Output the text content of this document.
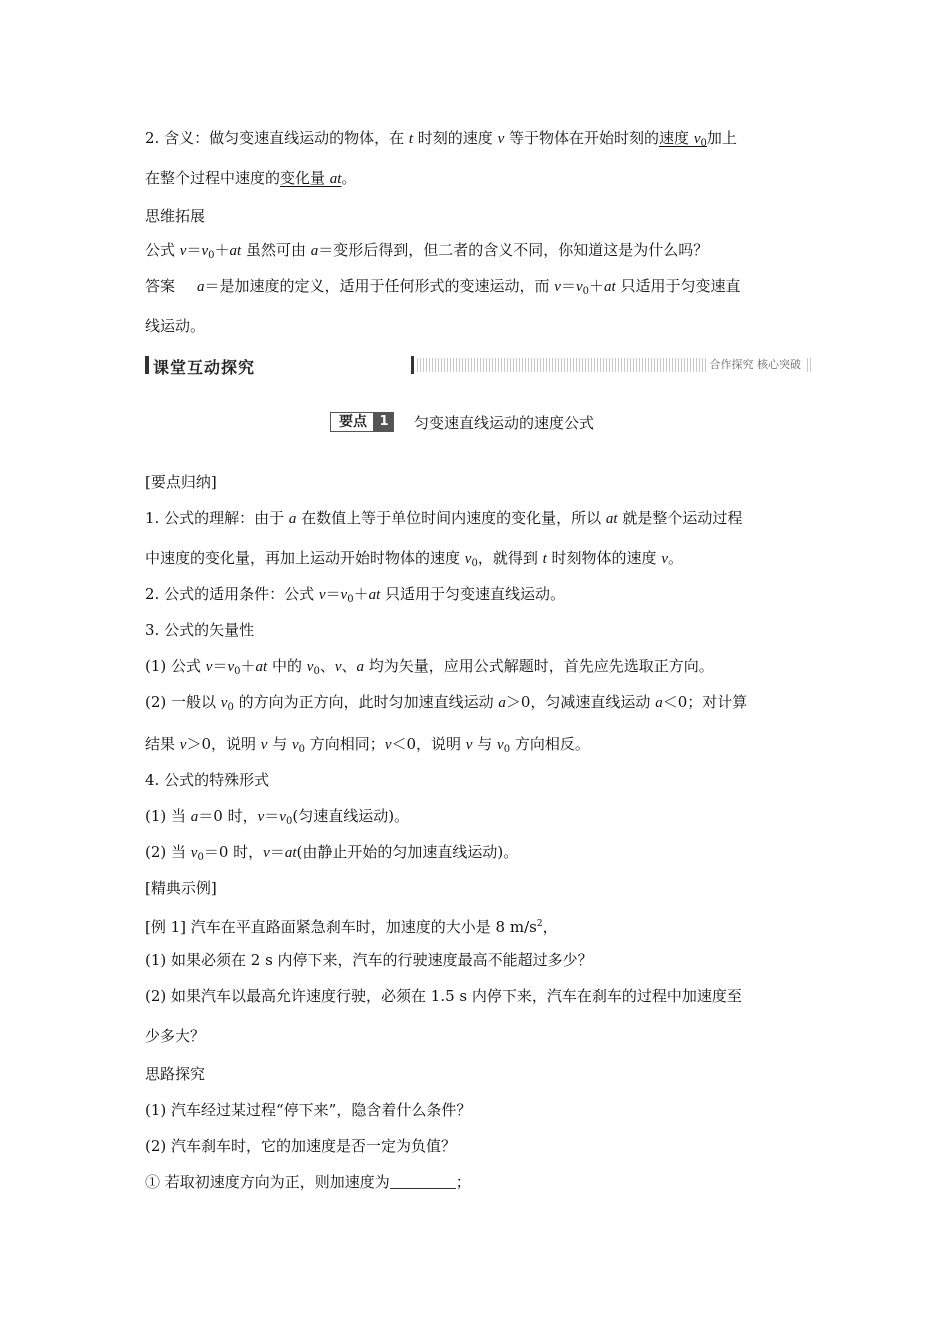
2. 含义：做匀变速直线运动的物体，在 t 时刻的速度 v 等于物体在开始时刻的速度 $v_0$加上
在整个过程中速度的变化量 at。
思维拓展
公式 $v=v_0+at$ 虽然可由 a＝变形后得到，但二者的含义不同，你知道这是为什么吗？
答案 a＝是加速度的定义，适用于任何形式的变速运动，而 $v=v_0+at$ 只适用于匀变速直
线运动。
课堂互动探究	合作探究 核心突破
要点 1	匀变速直线运动的速度公式
[要点归纳]
1. 公式的理解：由于 a 在数值上等于单位时间内速度的变化量，所以 at 就是整个运动过程
中速度的变化量，再加上运动开始时物体的速度 $v_0$，就得到 t 时刻物体的速度 v。
2. 公式的适用条件：公式 $v=v_0+at$ 只适用于匀变速直线运动。
3. 公式的矢量性
(1) 公式 $v=v_0+at$ 中的 $v_0$、v、a 均为矢量，应用公式解题时，首先应先选取正方向。
(2) 一般以 $v_0$ 的方向为正方向，此时匀加速直线运动 a＞0，匀减速直线运动 a＜0；对计算
结果 v＞0，说明 v 与 $v_0$ 方向相同；v＜0，说明 v 与 $v_0$ 方向相反。
4. 公式的特殊形式
(1) 当 a＝0 时，$v=v_0$(匀速直线运动)。
(2) 当 $v_0=0$ 时，v＝at(由静止开始的匀加速直线运动)。
[精典示例]
[例 1] 汽车在平直路面紧急刹车时，加速度的大小是 8 $m/s^2$，
(1) 如果必须在 2 s 内停下来，汽车的行驶速度最高不能超过多少？
(2) 如果汽车以最高允许速度行驶，必须在 1.5 s 内停下来，汽车在刹车的过程中加速度至
少多大？
思路探究
(1) 汽车经过某过程“停下来”，隐含着什么条件？
(2) 汽车刹车时，它的加速度是否一定为负值？
① 若取初速度方向为正，则加速度为	；
